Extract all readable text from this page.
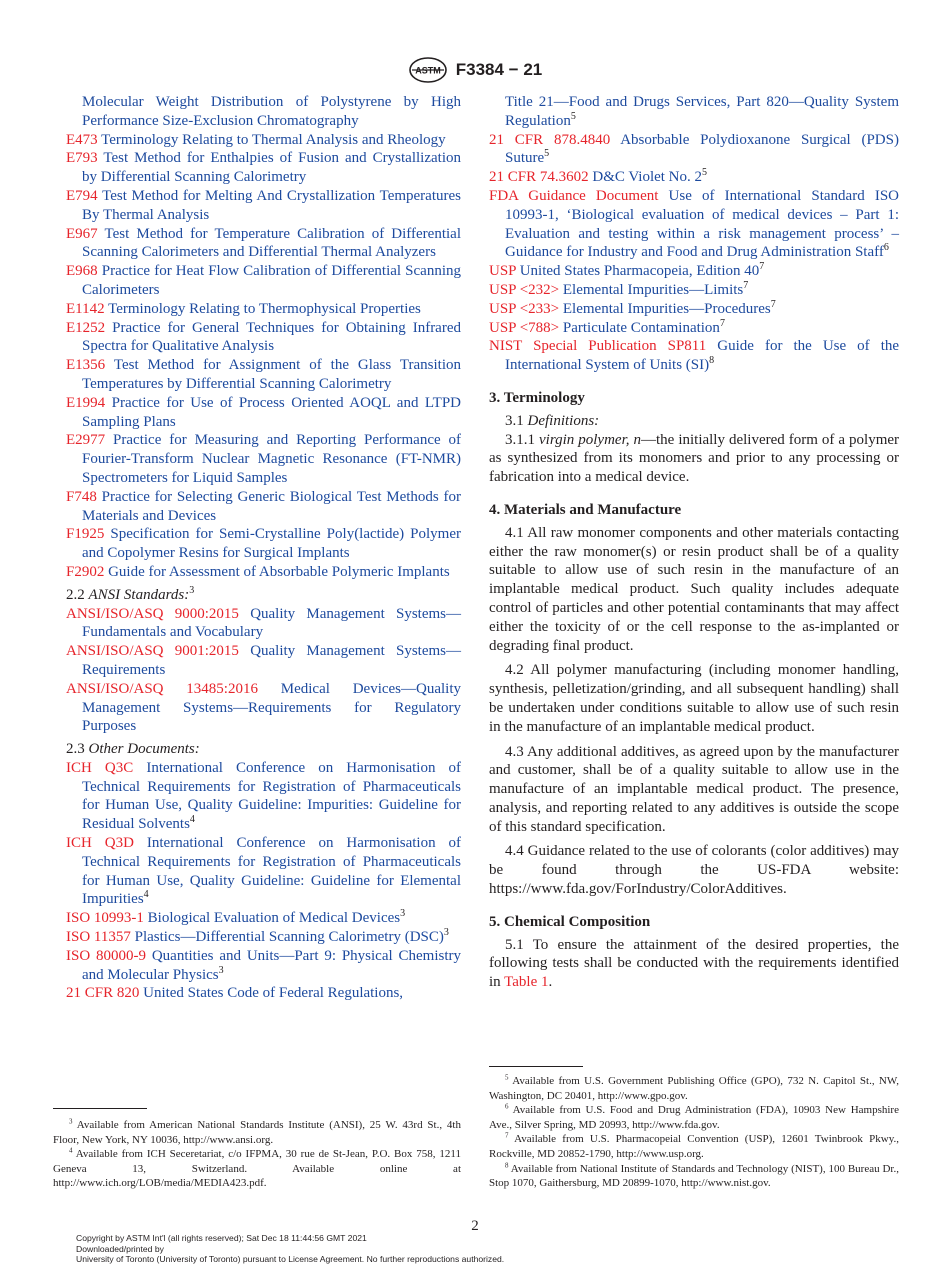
ASTM F3384 − 21

Molecular Weight Distribution of Polystyrene by High Performance Size-Exclusion Chromatography

E473 Terminology Relating to Thermal Analysis and Rheology

E793 Test Method for Enthalpies of Fusion and Crystallization by Differential Scanning Calorimetry

E794 Test Method for Melting And Crystallization Temperatures By Thermal Analysis

E967 Test Method for Temperature Calibration of Differential Scanning Calorimeters and Differential Thermal Analyzers

E968 Practice for Heat Flow Calibration of Differential Scanning Calorimeters

E1142 Terminology Relating to Thermophysical Properties

E1252 Practice for General Techniques for Obtaining Infrared Spectra for Qualitative Analysis

E1356 Test Method for Assignment of the Glass Transition Temperatures by Differential Scanning Calorimetry

E1994 Practice for Use of Process Oriented AOQL and LTPD Sampling Plans

E2977 Practice for Measuring and Reporting Performance of Fourier-Transform Nuclear Magnetic Resonance (FT-NMR) Spectrometers for Liquid Samples

F748 Practice for Selecting Generic Biological Test Methods for Materials and Devices

F1925 Specification for Semi-Crystalline Poly(lactide) Polymer and Copolymer Resins for Surgical Implants

F2902 Guide for Assessment of Absorbable Polymeric Implants

2.2 ANSI Standards:$^3$

ANSI/ISO/ASQ 9000:2015 Quality Management Systems—Fundamentals and Vocabulary

ANSI/ISO/ASQ 9001:2015 Quality Management Systems—Requirements

ANSI/ISO/ASQ 13485:2016 Medical Devices—Quality Management Systems—Requirements for Regulatory Purposes

2.3 Other Documents:

ICH Q3C International Conference on Harmonisation of Technical Requirements for Registration of Pharmaceuticals for Human Use, Quality Guideline: Impurities: Guideline for Residual Solvents$^4$

ICH Q3D International Conference on Harmonisation of Technical Requirements for Registration of Pharmaceuticals for Human Use, Quality Guideline: Guideline for Elemental Impurities$^4$

ISO 10993-1 Biological Evaluation of Medical Devices$^3$

ISO 11357 Plastics—Differential Scanning Calorimetry (DSC)$^3$

ISO 80000-9 Quantities and Units—Part 9: Physical Chemistry and Molecular Physics$^3$

21 CFR 820 United States Code of Federal Regulations,

Title 21—Food and Drugs Services, Part 820—Quality System Regulation$^5$

21 CFR 878.4840 Absorbable Polydioxanone Surgical (PDS) Suture$^5$

21 CFR 74.3602 D&C Violet No. $2^5$

FDA Guidance Document Use of International Standard ISO 10993-1, ‘Biological evaluation of medical devices – Part 1: Evaluation and testing within a risk management process’ – Guidance for Industry and Food and Drug Administration Staff$^6$

USP United States Pharmacopeia, Edition $40^7$

USP <232> Elemental Impurities—Limits$^7$

USP <233> Elemental Impurities—Procedures$^7$

USP <788> Particulate Contamination$^7$

NIST Special Publication SP811 Guide for the Use of the International System of Units (SI)$^8$

3. Terminology

3.1 Definitions:

3.1.1 virgin polymer, n—the initially delivered form of a polymer as synthesized from its monomers and prior to any processing or fabrication into a medical device.

4. Materials and Manufacture

4.1 All raw monomer components and other materials contacting either the raw monomer(s) or resin product shall be of a quality suitable to allow use of such resin in the manufacture of an implantable medical product. Such quality includes adequate control of particles and other potential contaminants that may affect either the toxicity of or the cell response to the as-implanted or degrading final product.

4.2 All polymer manufacturing (including monomer handling, synthesis, pelletization/grinding, and all subsequent handling) shall be undertaken under conditions suitable to allow use of such resin in the manufacture of an implantable medical product.

4.3 Any additional additives, as agreed upon by the manufacturer and customer, shall be of a quality suitable to allow use in the manufacture of an implantable medical product. The presence, analysis, and reporting related to any additives is outside the scope of this standard specification.

4.4 Guidance related to the use of colorants (color additives) may be found through the US-FDA website: https://www.fda.gov/ForIndustry/ColorAdditives.

5. Chemical Composition

5.1 To ensure the attainment of the desired properties, the following tests shall be conducted with the requirements identified in Table 1.

$^3$ Available from American National Standards Institute (ANSI), 25 W. 43rd St., 4th Floor, New York, NY 10036, http://www.ansi.org.

$^4$ Available from ICH Seceretariat, c/o IFPMA, 30 rue de St-Jean, P.O. Box 758, 1211 Geneva 13, Switzerland. Available online at http://www.ich.org/LOB/media/MEDIA423.pdf.

$^5$ Available from U.S. Government Publishing Office (GPO), 732 N. Capitol St., NW, Washington, DC 20401, http://www.gpo.gov.

$^6$ Available from U.S. Food and Drug Administration (FDA), 10903 New Hampshire Ave., Silver Spring, MD 20993, http://www.fda.gov.

$^7$ Available from U.S. Pharmacopeial Convention (USP), 12601 Twinbrook Pkwy., Rockville, MD 20852-1790, http://www.usp.org.

$^8$ Available from National Institute of Standards and Technology (NIST), 100 Bureau Dr., Stop 1070, Gaithersburg, MD 20899-1070, http://www.nist.gov.

2
Copyright by ASTM Int'l (all rights reserved); Sat Dec 18 11:44:56 GMT 2021
Downloaded/printed by
University of Toronto (University of Toronto) pursuant to License Agreement. No further reproductions authorized.
